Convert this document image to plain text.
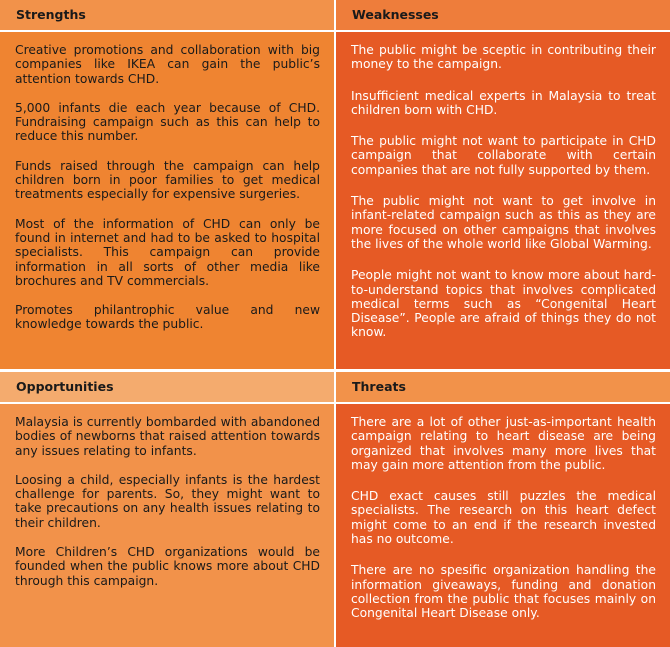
Strengths	Weaknesses

Creative promotions and collaboration with big companies like IKEA can gain the public’s attention towards CHD.

5,000 infants die each year because of CHD. Fundraising campaign such as this can help to reduce this number.

Funds raised through the campaign can help children born in poor families to get medical treatments especially for expensive surgeries.

Most of the information of CHD can only be found in internet and had to be asked to hospital specialists. This campaign can provide information in all sorts of other media like brochures and TV commercials.

Promotes philantrophic value and new knowledge towards the public.

The public might be sceptic in contributing their money to the campaign.

Insufficient medical experts in Malaysia to treat children born with CHD.

The public might not want to participate in CHD campaign that collaborate with certain companies that are not fully supported by them.

The public might not want to get involve in infant-related campaign such as this as they are more focused on other campaigns that involves the lives of the whole world like Global Warming.

People might not want to know more about hard-to-understand topics that involves complicated medical terms such as “Congenital Heart Disease”. People are afraid of things they do not know.

Opportunities	Threats

Malaysia is currently bombarded with abandoned bodies of newborns that raised attention towards any issues relating to infants.

Loosing a child, especially infants is the hardest challenge for parents. So, they might want to take precautions on any health issues relating to their children.

More Children’s CHD organizations would be founded when the public knows more about CHD through this campaign.

There are a lot of other just-as-important health campaign relating to heart disease are being organized that involves many more lives that may gain more attention from the public.

CHD exact causes still puzzles the medical specialists. The research on this heart defect might come to an end if the research invested has no outcome.

There are no spesific organization handling the information giveaways, funding and donation collection from the public that focuses mainly on Congenital Heart Disease only.
